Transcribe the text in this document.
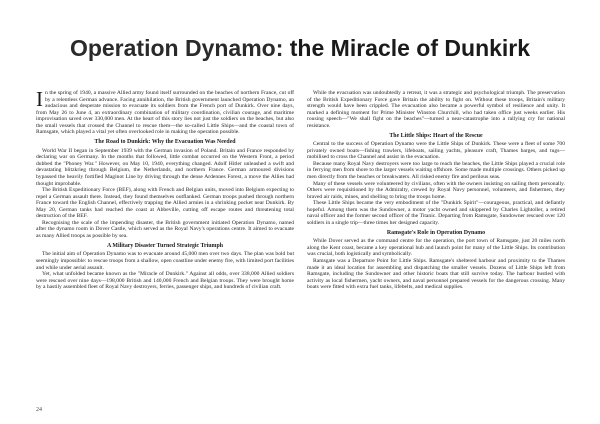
Operation Dynamo: the Miracle of Dunkirk

In the spring of 1940, a massive Allied army found itself surrounded on the beaches of northern France, cut off by a relentless German advance. Facing annihilation, the British government launched Operation Dynamo, an audacious and desperate mission to evacuate its soldiers from the French port of Dunkirk. Over nine days, from May 26 to June 4, an extraordinary combination of military coordination, civilian courage, and maritime improvisation saved over 330,000 men. At the heart of this story lies not just the soldiers on the beaches, but also the small vessels that crossed the Channel to rescue them—the so-called Little Ships—and the coastal town of Ramsgate, which played a vital yet often overlooked role in making the operation possible.

The Road to Dunkirk: Why the Evacuation Was Needed

World War II began in September 1939 with the German invasion of Poland. Britain and France responded by declaring war on Germany. In the months that followed, little combat occurred on the Western Front, a period dubbed the "Phoney War." However, on May 10, 1940, everything changed. Adolf Hitler unleashed a swift and devastating blitzkrieg through Belgium, the Netherlands, and northern France. German armoured divisions bypassed the heavily fortified Maginot Line by driving through the dense Ardennes Forest, a move the Allies had thought improbable.

The British Expeditionary Force (BEF), along with French and Belgian units, moved into Belgium expecting to repel a German assault there. Instead, they found themselves outflanked. German troops pushed through northern France toward the English Channel, effectively trapping the Allied armies in a shrinking pocket near Dunkirk. By May 20, German tanks had reached the coast at Abbeville, cutting off escape routes and threatening total destruction of the BEF.

Recognising the scale of the impending disaster, the British government initiated Operation Dynamo, named after the dynamo room in Dover Castle, which served as the Royal Navy's operations centre. It aimed to evacuate as many Allied troops as possible by sea.

A Military Disaster Turned Strategic Triumph

The initial aim of Operation Dynamo was to evacuate around 45,000 men over two days. The plan was bold but seemingly impossible: to rescue troops from a shallow, open coastline under enemy fire, with limited port facilities and while under aerial assault.

Yet, what unfolded became known as the "Miracle of Dunkirk." Against all odds, over 338,000 Allied soldiers were rescued over nine days—198,000 British and 140,000 French and Belgian troops. They were brought home by a hastily assembled fleet of Royal Navy destroyers, ferries, passenger ships, and hundreds of civilian craft.

While the evacuation was undoubtedly a retreat, it was a strategic and psychological triumph. The preservation of the British Expeditionary Force gave Britain the ability to fight on. Without these troops, Britain's military strength would have been crippled. The evacuation also became a powerful symbol of resilience and unity. It marked a defining moment for Prime Minister Winston Churchill, who had taken office just weeks earlier. His rousing speech—"We shall fight on the beaches"—turned a near-catastrophe into a rallying cry for national resistance.

The Little Ships: Heart of the Rescue

Central to the success of Operation Dynamo were the Little Ships of Dunkirk. These were a fleet of some 700 privately owned boats—fishing trawlers, lifeboats, sailing yachts, pleasure craft, Thames barges, and tugs—mobilised to cross the Channel and assist in the evacuation.

Because many Royal Navy destroyers were too large to reach the beaches, the Little Ships played a crucial role in ferrying men from shore to the larger vessels waiting offshore. Some made multiple crossings. Others picked up men directly from the beaches or breakwaters. All risked enemy fire and perilous seas.

Many of these vessels were volunteered by civilians, often with the owners insisting on sailing them personally. Others were requisitioned by the Admiralty, crewed by Royal Navy personnel, volunteers, and fishermen, they braved air raids, mines, and shelling to bring the troops home.

These Little Ships became the very embodiment of the "Dunkirk Spirit"—courageous, practical, and defiantly hopeful. Among them was the Sundowner, a motor yacht owned and skippered by Charles Lightoller, a retired naval officer and the former second officer of the Titanic. Departing from Ramsgate, Sundowner rescued over 120 soldiers in a single trip—three times her designed capacity.

Ramsgate's Role in Operation Dynamo

While Dover served as the command centre for the operation, the port town of Ramsgate, just 20 miles north along the Kent coast, became a key operational hub and launch point for many of the Little Ships. Its contribution was crucial, both logistically and symbolically.

Ramsgate was a Departure Point for Little Ships. Ramsgate's sheltered harbour and proximity to the Thames made it an ideal location for assembling and dispatching the smaller vessels. Dozens of Little Ships left from Ramsgate, including the Sundowner and other historic boats that still survive today. The harbour bustled with activity as local fishermen, yacht owners, and naval personnel prepared vessels for the dangerous crossing. Many boats were fitted with extra fuel tanks, lifebelts, and medical supplies.

24
